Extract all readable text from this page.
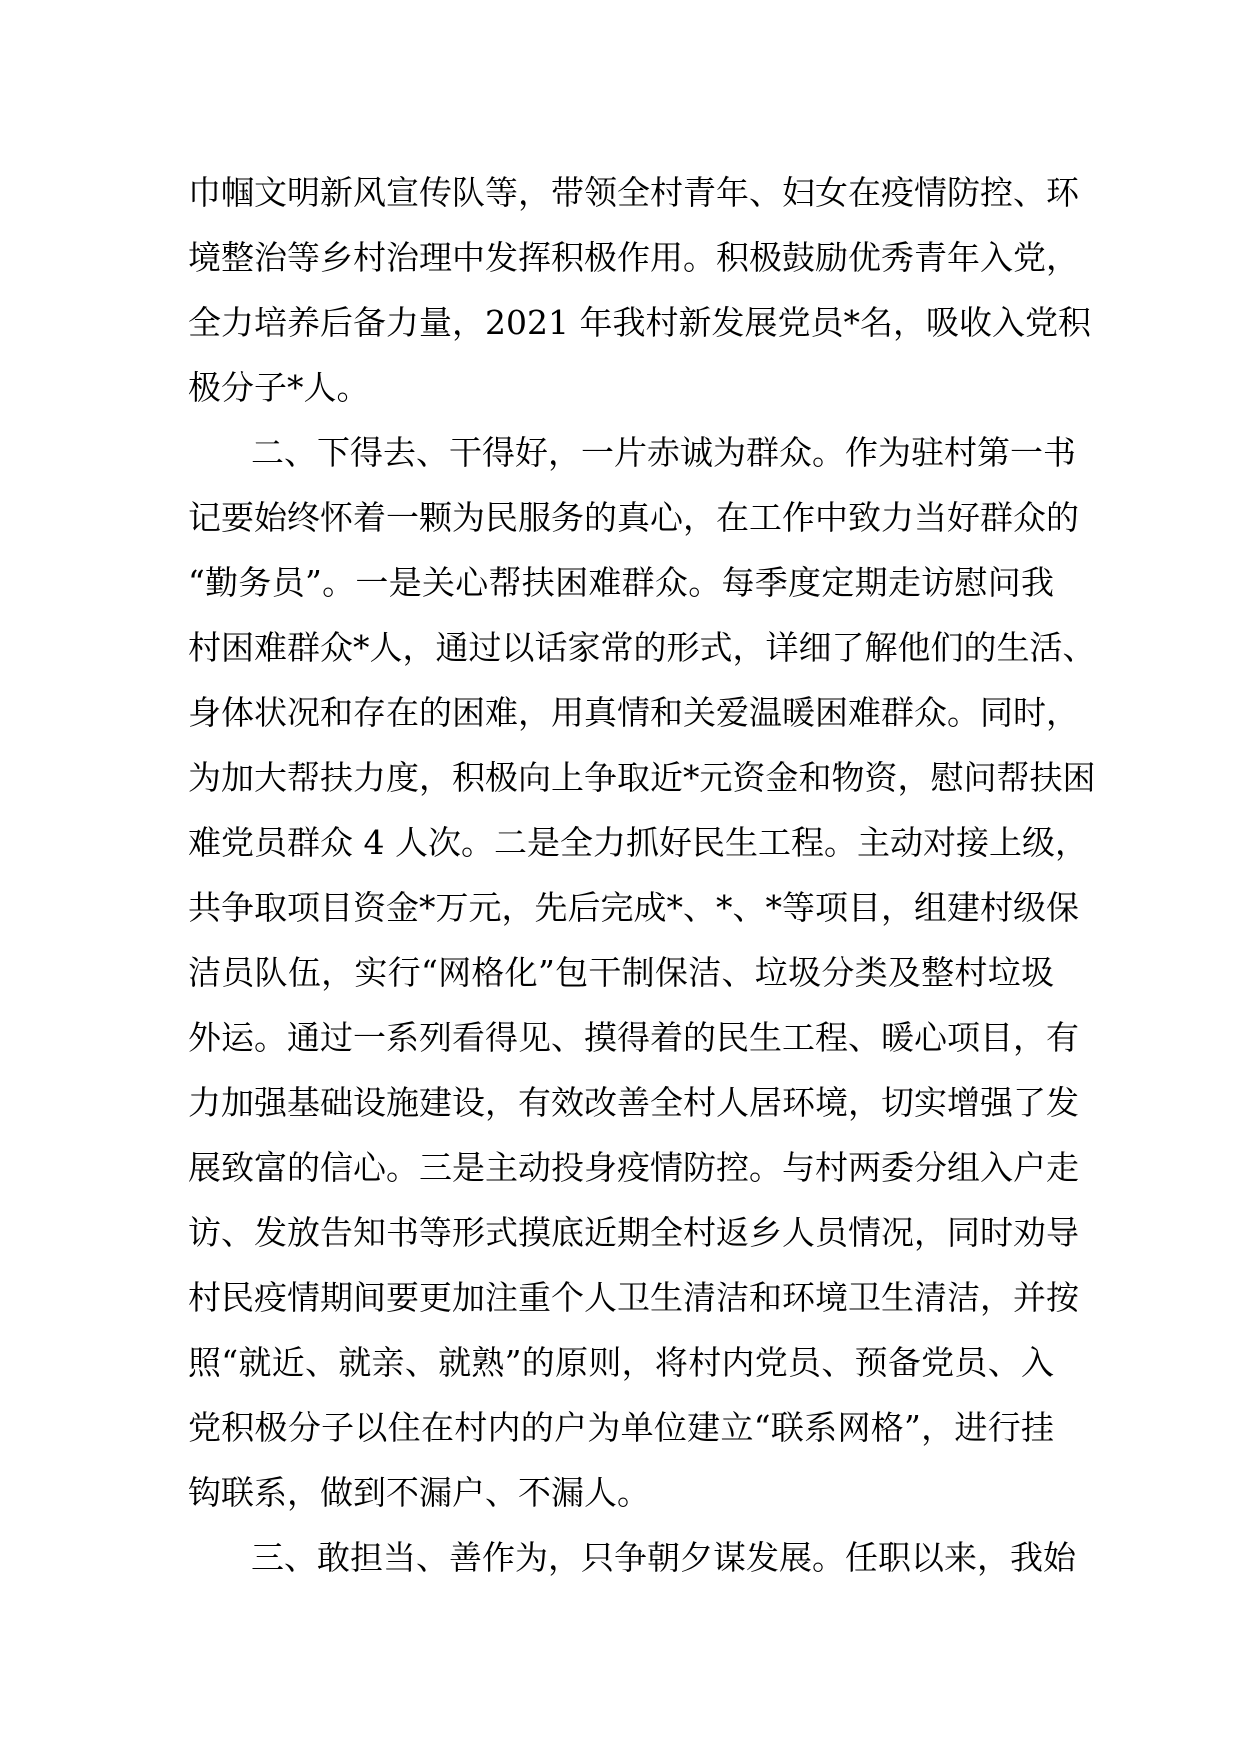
巾帼文明新风宣传队等，带领全村青年、妇女在疫情防控、环
境整治等乡村治理中发挥积极作用。积极鼓励优秀青年入党，
全力培养后备力量，2021 年我村新发展党员*名，吸收入党积
极分子*人。
二、下得去、干得好，一片赤诚为群众。作为驻村第一书
记要始终怀着一颗为民服务的真心，在工作中致力当好群众的
“勤务员”。一是关心帮扶困难群众。每季度定期走访慰问我
村困难群众*人，通过以话家常的形式，详细了解他们的生活、
身体状况和存在的困难，用真情和关爱温暖困难群众。同时，
为加大帮扶力度，积极向上争取近*元资金和物资，慰问帮扶困
难党员群众 4 人次。二是全力抓好民生工程。主动对接上级，
共争取项目资金*万元，先后完成*、*、*等项目，组建村级保
洁员队伍，实行“网格化”包干制保洁、垃圾分类及整村垃圾
外运。通过一系列看得见、摸得着的民生工程、暖心项目，有
力加强基础设施建设，有效改善全村人居环境，切实增强了发
展致富的信心。三是主动投身疫情防控。与村两委分组入户走
访、发放告知书等形式摸底近期全村返乡人员情况，同时劝导
村民疫情期间要更加注重个人卫生清洁和环境卫生清洁，并按
照“就近、就亲、就熟”的原则，将村内党员、预备党员、入
党积极分子以住在村内的户为单位建立“联系网格”，进行挂
钩联系，做到不漏户、不漏人。
三、敢担当、善作为，只争朝夕谋发展。任职以来，我始
